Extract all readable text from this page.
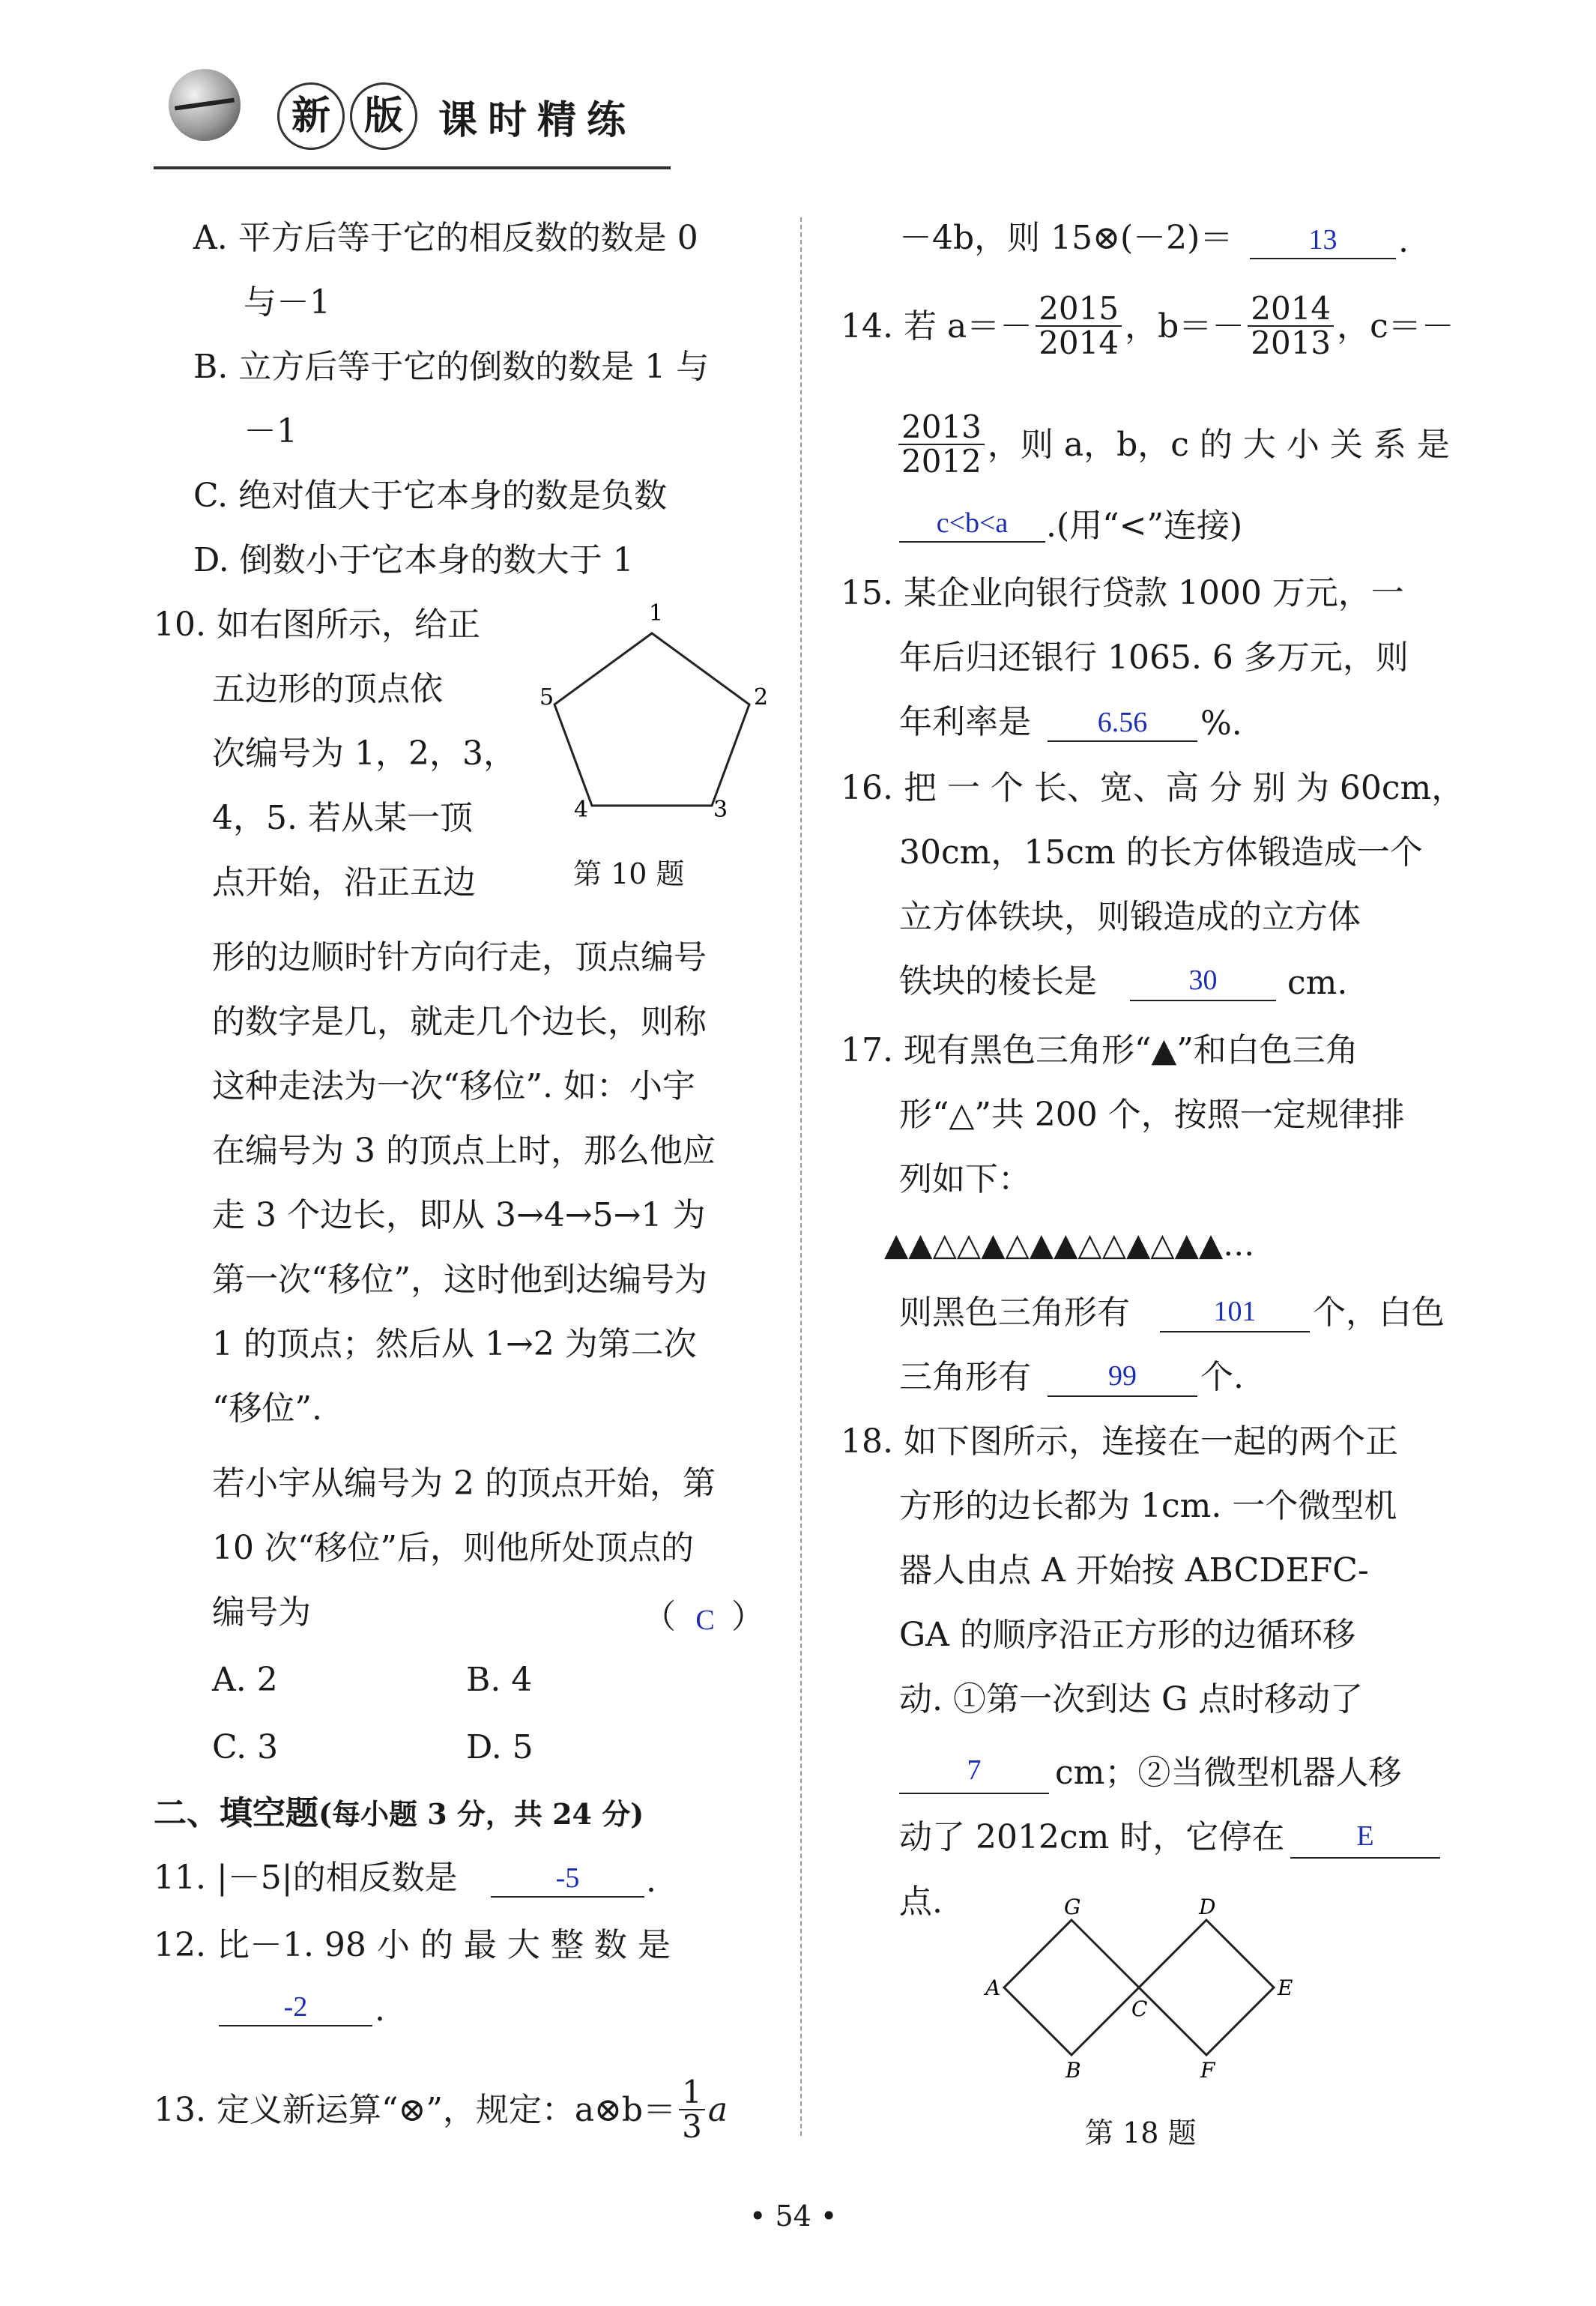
新 版 课时精练
A. 平方后等于它的相反数的数是 0
与－1
B. 立方后等于它的倒数的数是 1 与
－1
C. 绝对值大于它本身的数是负数
D. 倒数小于它本身的数大于 1
10. 如右图所示，给正
五边形的顶点依
次编号为 1，2，3，
4，5. 若从某一顶
点开始，沿正五边
1
2
3
4
5
第 10 题
形的边顺时针方向行走，顶点编号
的数字是几，就走几个边长，则称
这种走法为一次“移位”. 如：小宇
在编号为 3 的顶点上时，那么他应
走 3 个边长，即从 3→4→5→1 为
第一次“移位”，这时他到达编号为
1 的顶点；然后从 1→2 为第二次
“移位”.
若小宇从编号为 2 的顶点开始，第
10 次“移位”后，则他所处顶点的
编号为	（ C ）
A. 2	B. 4
C. 3	D. 5
二、填空题(每小题 3 分，共 24 分)
11. |－5|的相反数是	-5	.
12. 比－1. 98 小 的 最 大 整 数 是
-2	.
13. 定义新运算“⊗”，规定：a⊗b＝ $\frac{1}{3}$ a
－4b，则 15⊗(－2)＝	13	.
14. 若 $a=- \frac{2015}{2014}$ ，$b=- \frac{2014}{2013}$ ，c＝－
$\frac{2013}{2012}$ ，则 a，b，c 的 大 小 关 系 是
c<b<a	.(用“<”连接)
15. 某企业向银行贷款 1000 万元，一
年后归还银行 1065. 6 多万元，则
年利率是	6.56	%.
16. 把 一 个 长、宽、高 分 别 为 60cm，
30cm，15cm 的长方体锻造成一个
立方体铁块，则锻造成的立方体
铁块的棱长是	30	cm.
17. 现有黑色三角形“▲”和白色三角
形“△”共 200 个，按照一定规律排
列如下：
▲▲△△▲△▲▲△△▲△▲▲…
则黑色三角形有	101	个，白色
三角形有	99	个.
18. 如下图所示，连接在一起的两个正
方形的边长都为 1cm. 一个微型机
器人由点 A 开始按 ABCDEFC-
GA 的顺序沿正方形的边循环移
动. ①第一次到达 G 点时移动了
7	cm；②当微型机器人移
动了 2012cm 时，它停在	E
点.	G	D
A
C
E
B	F
第 18 题
• 54 •
